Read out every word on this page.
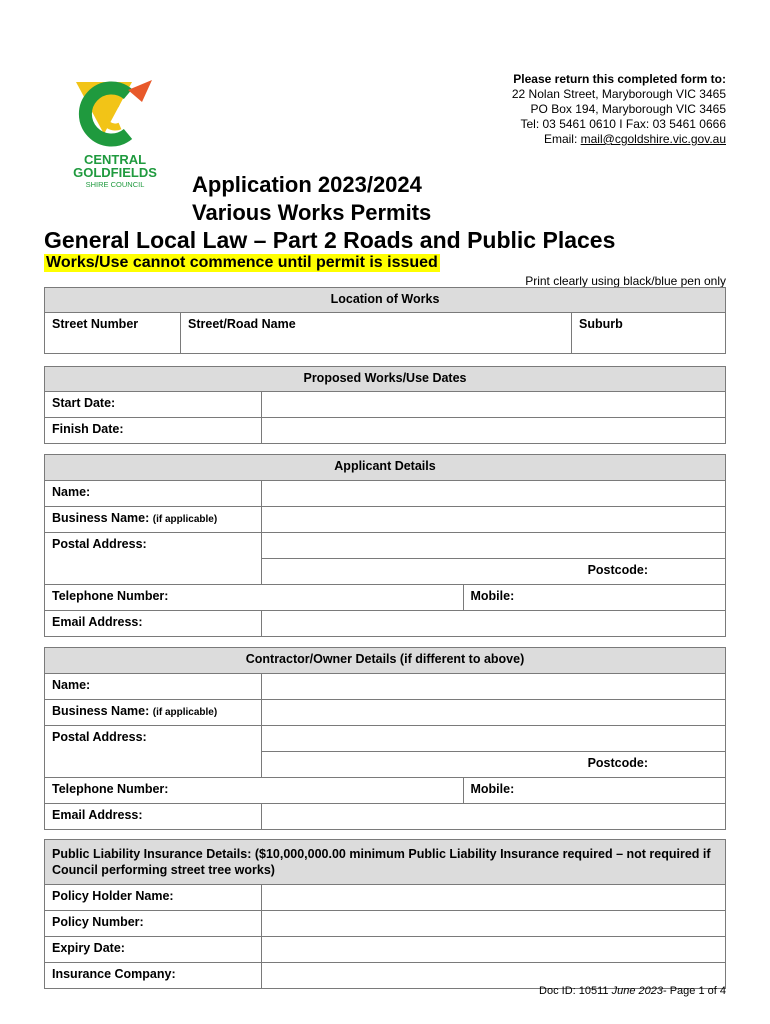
CENTRAL
GOLDFIELDS
SHIRE COUNCIL
Please return this completed form to:
22 Nolan Street, Maryborough VIC 3465
PO Box 194, Maryborough VIC 3465
Tel: 03 5461 0610 I Fax: 03 5461 0666
Email: mail@cgoldshire.vic.gov.au
Application 2023/2024
Various Works Permits
General Local Law – Part 2 Roads and Public Places
Works/Use cannot commence until permit is issued
Print clearly using black/blue pen only
Location of Works
Street Number	Street/Road Name	Suburb
Proposed Works/Use Dates	
Start Date:	
Finish Date:	
Applicant Details		
Name:		
Business Name: (if applicable)		
Postal Address:		
		Postcode:
Telephone Number:		Mobile:
Email Address:		
Contractor/Owner Details (if different to above)		
Name:		
Business Name: (if applicable)		
Postal Address:		
		Postcode:
Telephone Number:		Mobile:
Email Address:		
Public Liability Insurance Details: ($10,000,000.00 minimum Public Liability Insurance required – not required if Council performing street tree works)	
Policy Holder Name:	
Policy Number:	
Expiry Date:	
Insurance Company:	
Doc ID: 10511 June 2023- Page 1 of 4
